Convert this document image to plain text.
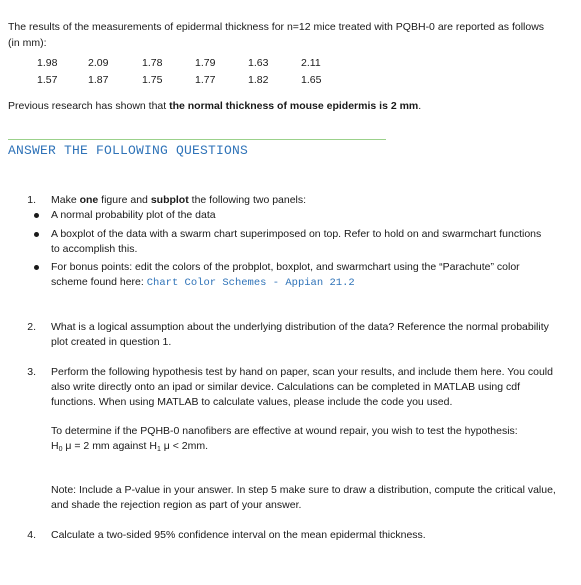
The results of the measurements of epidermal thickness for n=12 mice treated with PQBH-0 are reported as follows
(in mm):
1.98	2.09	1.78	1.79	1.63	2.11
1.57	1.87	1.75	1.77	1.82	1.65
Previous research has shown that the normal thickness of mouse epidermis is 2 mm.
ANSWER THE FOLLOWING QUESTIONS
1. Make one figure and subplot the following two panels:
A normal probability plot of the data
A boxplot of the data with a swarm chart superimposed on top. Refer to hold on and swarmchart functions
to accomplish this.
For bonus points: edit the colors of the probplot, boxplot, and swarmchart using the “Parachute” color
scheme found here: Chart Color Schemes - Appian 21.2
2. What is a logical assumption about the underlying distribution of the data? Reference the normal probability
plot created in question 1.
3. Perform the following hypothesis test by hand on paper, scan your results, and include them here. You could
also write directly onto an ipad or similar device. Calculations can be completed in MATLAB using cdf
functions. When using MATLAB to calculate values, please include the code you used.
To determine if the PQHB-0 nanofibers are effective at wound repair, you wish to test the hypothesis:
$H_0$ μ = 2 mm against $H_1$ μ < 2mm.
Note: Include a P-value in your answer. In step 5 make sure to draw a distribution, compute the critical value,
and shade the rejection region as part of your answer.
4. Calculate a two-sided 95% confidence interval on the mean epidermal thickness.
